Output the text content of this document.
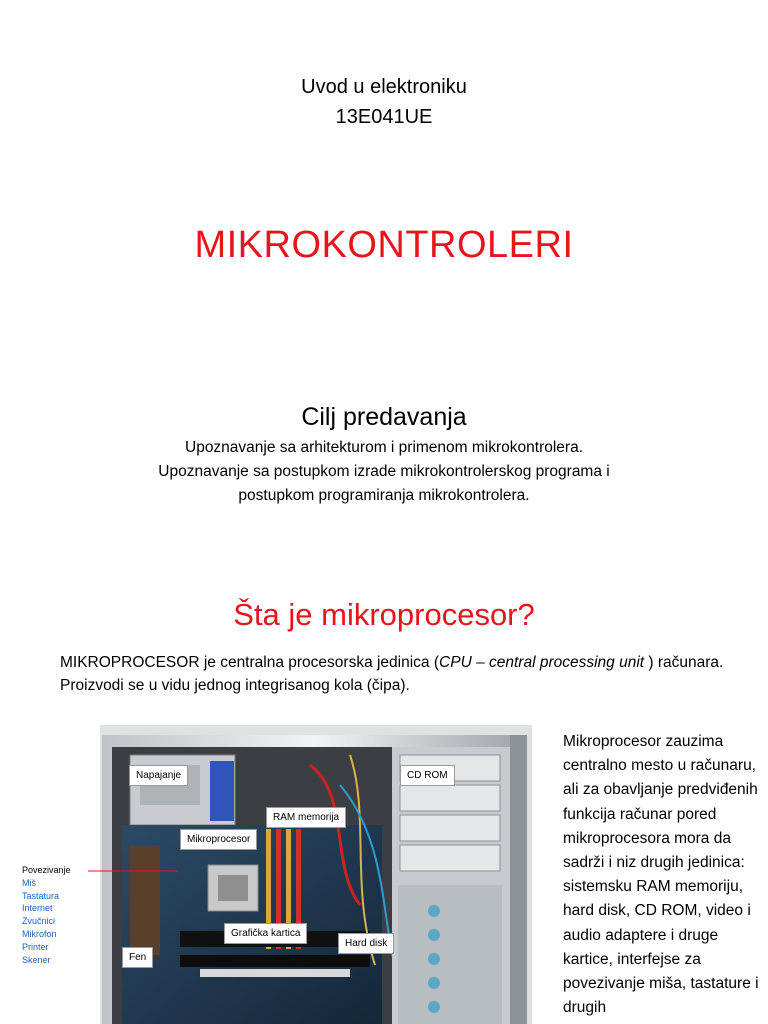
Uvod u elektroniku
13E041UE
MIKROKONTROLERI
Cilj predavanja
Upoznavanje sa arhitekturom i primenom mikrokontrolera.
Upoznavanje sa postupkom izrade mikrokontrolerskog programa i
postupkom programiranja mikrokontrolera.
Šta je mikroprocesor?
MIKROPROCESOR je centralna procesorska jedinica (CPU – central processing unit ) računara. Proizvodi se u vidu jednog integrisanog kola (čipa).
Napajanje	CD ROM
RAM memorija
Mikroprocesor
Grafička kartica
Hard disk
Fen
Povezivanje
Miš
Tastatura
Internet
Zvučnici
Mikrofon
Printer
Skener
Mikroprocesor zauzima centralno mesto u računaru, ali za obavljanje predviđenih funkcija računar pored mikroprocesora mora da sadrži i niz drugih jedinica: sistemsku RAM memoriju, hard disk, CD ROM, video i audio adaptere i druge kartice, interfejse za povezivanje miša, tastature i drugih
